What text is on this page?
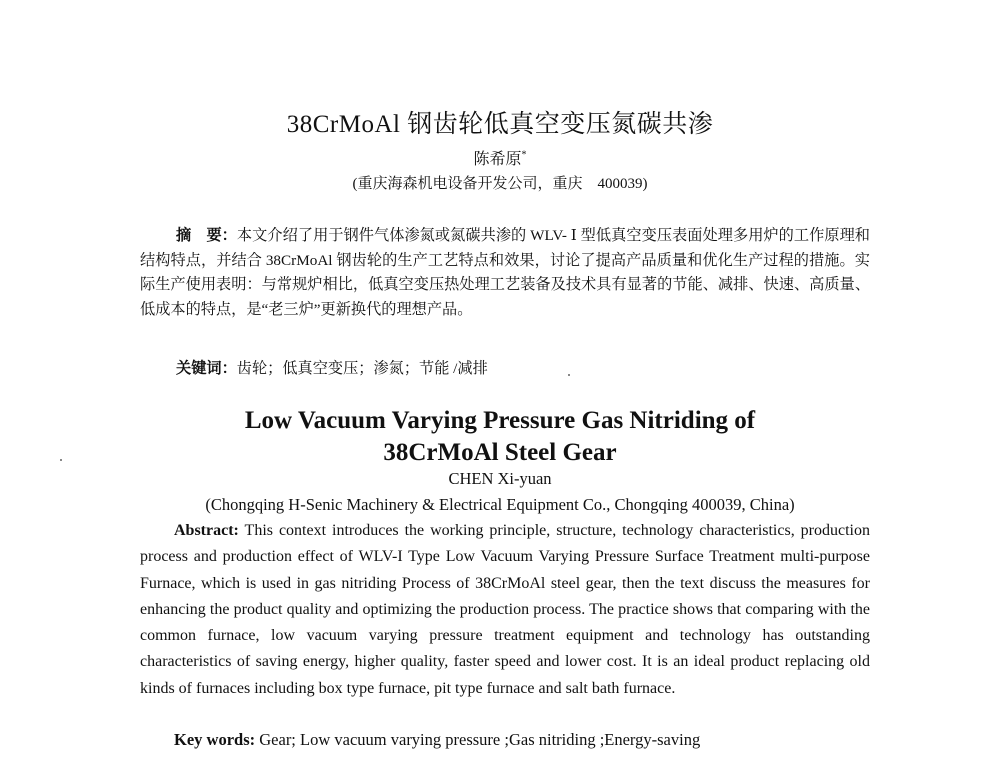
38CrMoAl 钢齿轮低真空变压氮碳共渗
陈希原*
(重庆海森机电设备开发公司，重庆　400039)
摘　要：本文介绍了用于钢件气体渗氮或氮碳共渗的 WLV- Ⅰ 型低真空变压表面处理多用炉的工作原理和结构特点，并结合 38CrMoAl 钢齿轮的生产工艺特点和效果，讨论了提高产品质量和优化生产过程的措施。实际生产使用表明：与常规炉相比，低真空变压热处理工艺装备及技术具有显著的节能、减排、快速、高质量、低成本的特点，是“老三炉”更新换代的理想产品。
关键词：齿轮；低真空变压；渗氮；节能 /减排
Low Vacuum Varying Pressure Gas Nitriding of
38CrMoAl Steel Gear
CHEN Xi-yuan
(Chongqing H-Senic Machinery & Electrical Equipment Co., Chongqing 400039, China)
Abstract: This context introduces the working principle, structure, technology characteristics, production process and production effect of WLV-I Type Low Vacuum Varying Pressure Surface Treatment multi-purpose Furnace, which is used in gas nitriding Process of 38CrMoAl steel gear, then the text discuss the measures for enhancing the product quality and optimizing the production process. The practice shows that comparing with the common furnace, low vacuum varying pressure treatment equipment and technology has outstanding characteristics of saving energy, higher quality, faster speed and lower cost. It is an ideal product replacing old kinds of furnaces including box type furnace, pit type furnace and salt bath furnace.
Key words: Gear; Low vacuum varying pressure ;Gas nitriding ;Energy-saving
